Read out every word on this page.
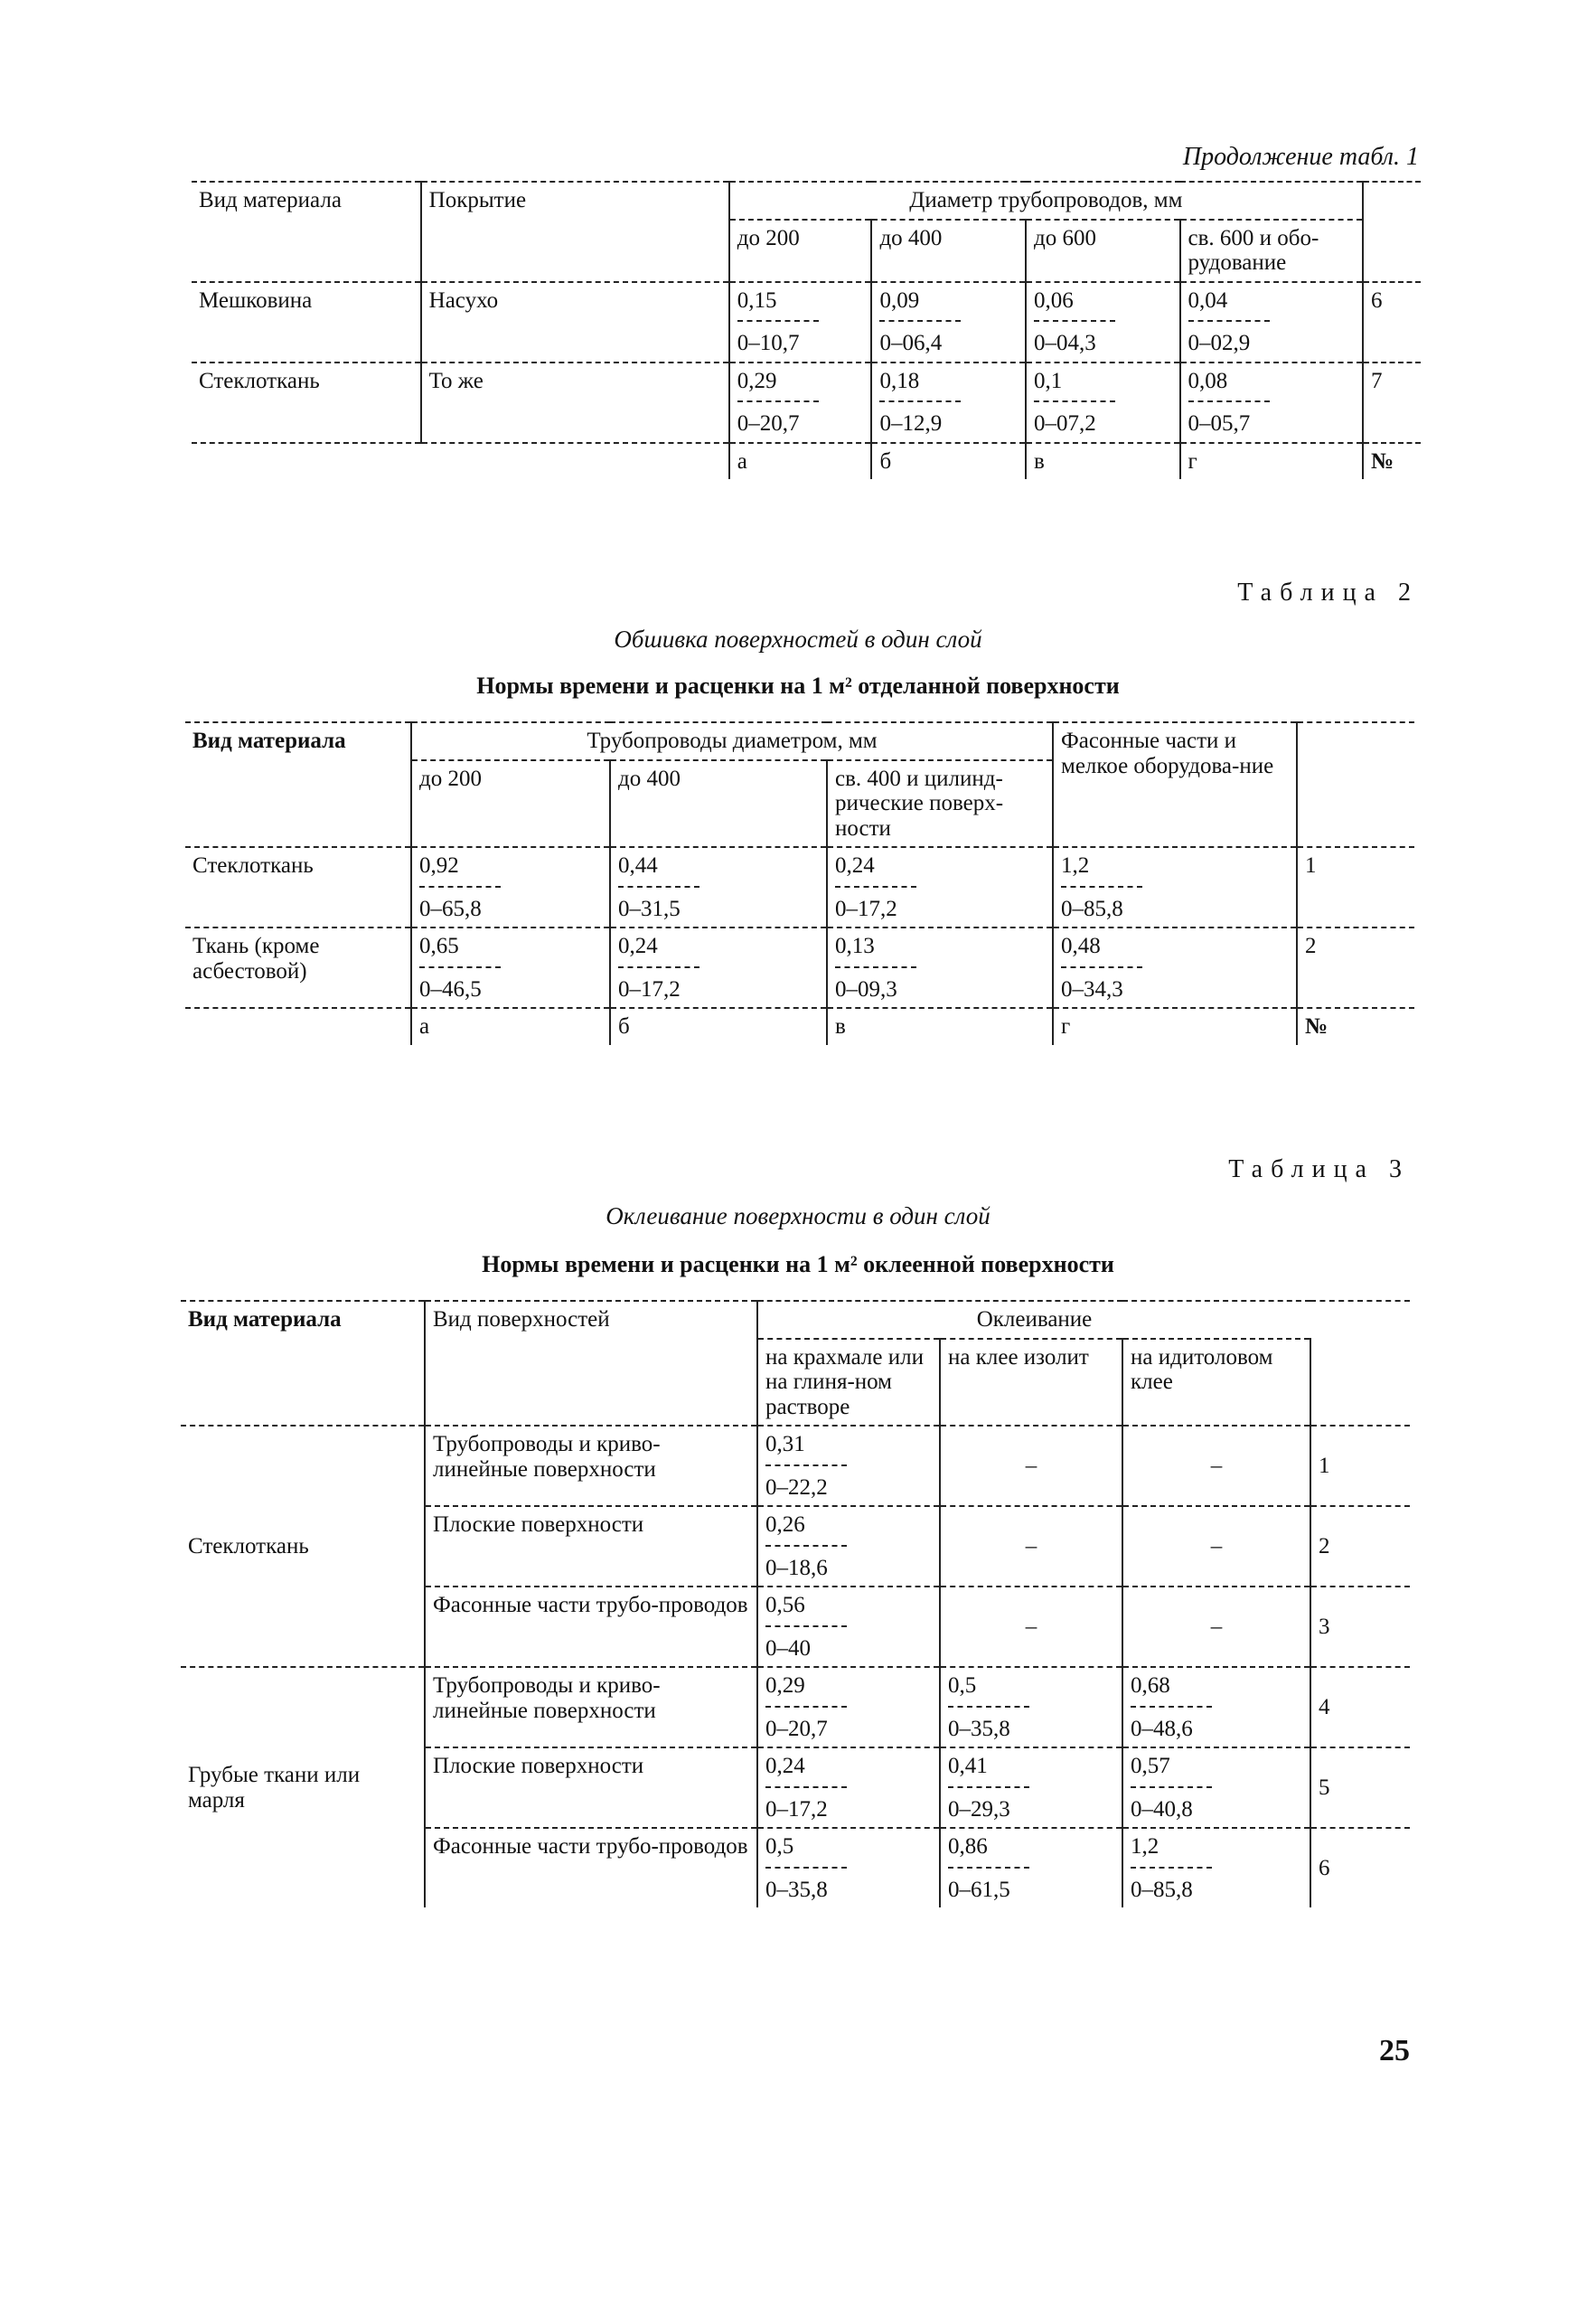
Продолжение табл. 1
Вид материала	Покрытие	Диаметр трубопроводов, мм				
		до 200	до 400	до 600	св. 600 и обо-рудование	
Мешковина	Насухо	$\frac{0,15}{0-10,7}$	$\frac{0,09}{0-06,4}$	$\frac{0,06}{0-04,3}$	$\frac{0,04}{0-02,9}$	6
Стеклоткань	То же	$\frac{0,29}{0-20,7}$	$\frac{0,18}{0-12,9}$	$\frac{0,1}{0-07,2}$	$\frac{0,08}{0-05,7}$	7
		а	б	в	г	№
Таблица 2
Обшивка поверхностей в один слой
Нормы времени и расценки на 1 м² отделанной поверхности
Вид материала	Трубопроводы диаметром, мм			Фасонные части и мелкое оборудова-ние	
	до 200	до 400	св. 400 и цилинд-рические поверх-ности		
Стеклоткань	$\frac{0,92}{0-65,8}$	$\frac{0,44}{0-31,5}$	$\frac{0,24}{0-17,2}$	$\frac{1,2}{0-85,8}$	1
Ткань (кроме асбестовой)	$\frac{0,65}{0-46,5}$	$\frac{0,24}{0-17,2}$	$\frac{0,13}{0-09,3}$	$\frac{0,48}{0-34,3}$	2
	а	б	в	г	№
Таблица 3
Оклеивание поверхности в один слой
Нормы времени и расценки на 1 м² оклеенной поверхности
Вид материала	Вид поверхностей	Оклеивание			
		на крахмале или на глиня-ном растворе	на клее изолит	на идитоловом клее	
Стеклоткань	Трубопроводы и криво-линейные поверхности	$\frac{0,31}{0-22,2}$	–	–	1
	Плоские поверхности	$\frac{0,26}{0-18,6}$	–	–	2
	Фасонные части трубо-проводов	$\frac{0,56}{0-40}$	–	–	3
Грубые ткани или марля	Трубопроводы и криво-линейные поверхности	$\frac{0,29}{0-20,7}$	$\frac{0,5}{0-35,8}$	$\frac{0,68}{0-48,6}$	4
	Плоские поверхности	$\frac{0,24}{0-17,2}$	$\frac{0,41}{0-29,3}$	$\frac{0,57}{0-40,8}$	5
	Фасонные части трубо-проводов	$\frac{0,5}{0-35,8}$	$\frac{0,86}{0-61,5}$	$\frac{1,2}{0-85,8}$	6
25
